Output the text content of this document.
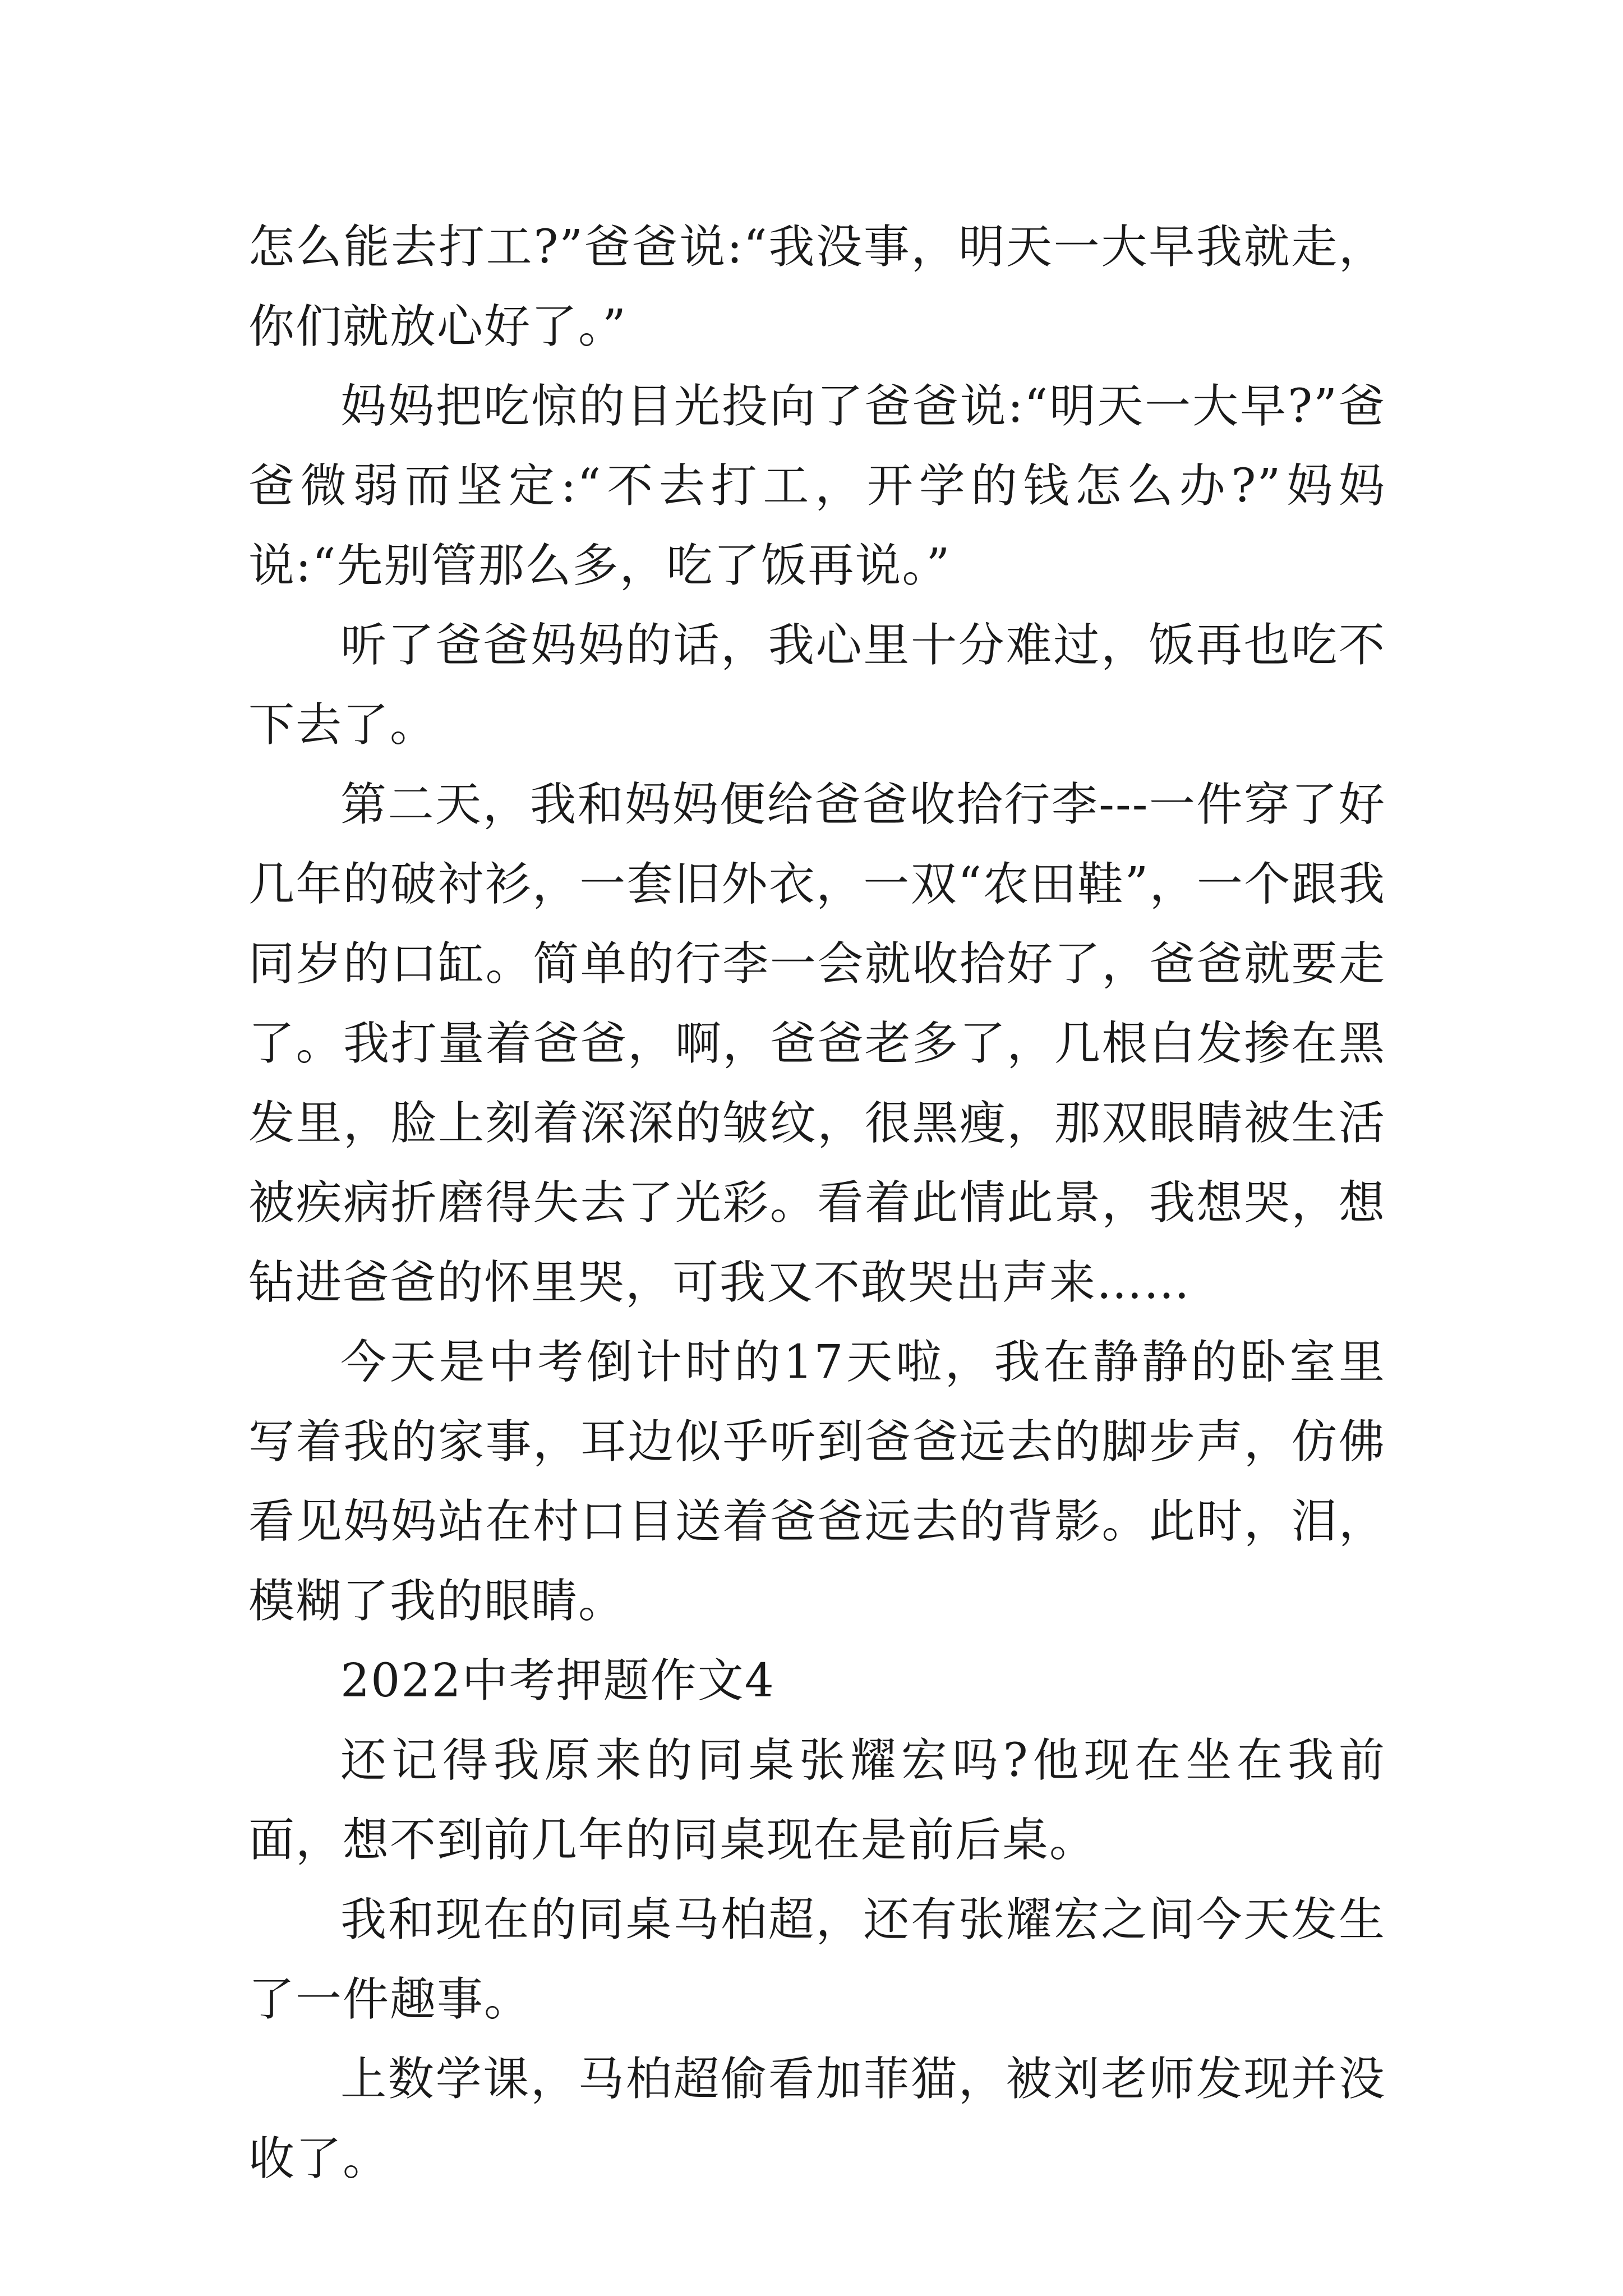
怎么能去打工?”爸爸说:“我没事，明天一大早我就走，你们就放心好了。”

妈妈把吃惊的目光投向了爸爸说:“明天一大早?”爸爸微弱而坚定:“不去打工，开学的钱怎么办?”妈妈说:“先别管那么多，吃了饭再说。”

听了爸爸妈妈的话，我心里十分难过，饭再也吃不下去了。

第二天，我和妈妈便给爸爸收拾行李---一件穿了好几年的破衬衫，一套旧外衣，一双“农田鞋”，一个跟我同岁的口缸。简单的行李一会就收拾好了，爸爸就要走了。我打量着爸爸，啊，爸爸老多了，几根白发掺在黑发里，脸上刻着深深的皱纹，很黑瘦，那双眼睛被生活被疾病折磨得失去了光彩。看着此情此景，我想哭，想钻进爸爸的怀里哭，可我又不敢哭出声来……

今天是中考倒计时的17天啦，我在静静的卧室里写着我的家事，耳边似乎听到爸爸远去的脚步声，仿佛看见妈妈站在村口目送着爸爸远去的背影。此时，泪，模糊了我的眼睛。

2022中考押题作文4

还记得我原来的同桌张耀宏吗?他现在坐在我前面，想不到前几年的同桌现在是前后桌。

我和现在的同桌马柏超，还有张耀宏之间今天发生了一件趣事。

上数学课，马柏超偷看加菲猫，被刘老师发现并没收了。
